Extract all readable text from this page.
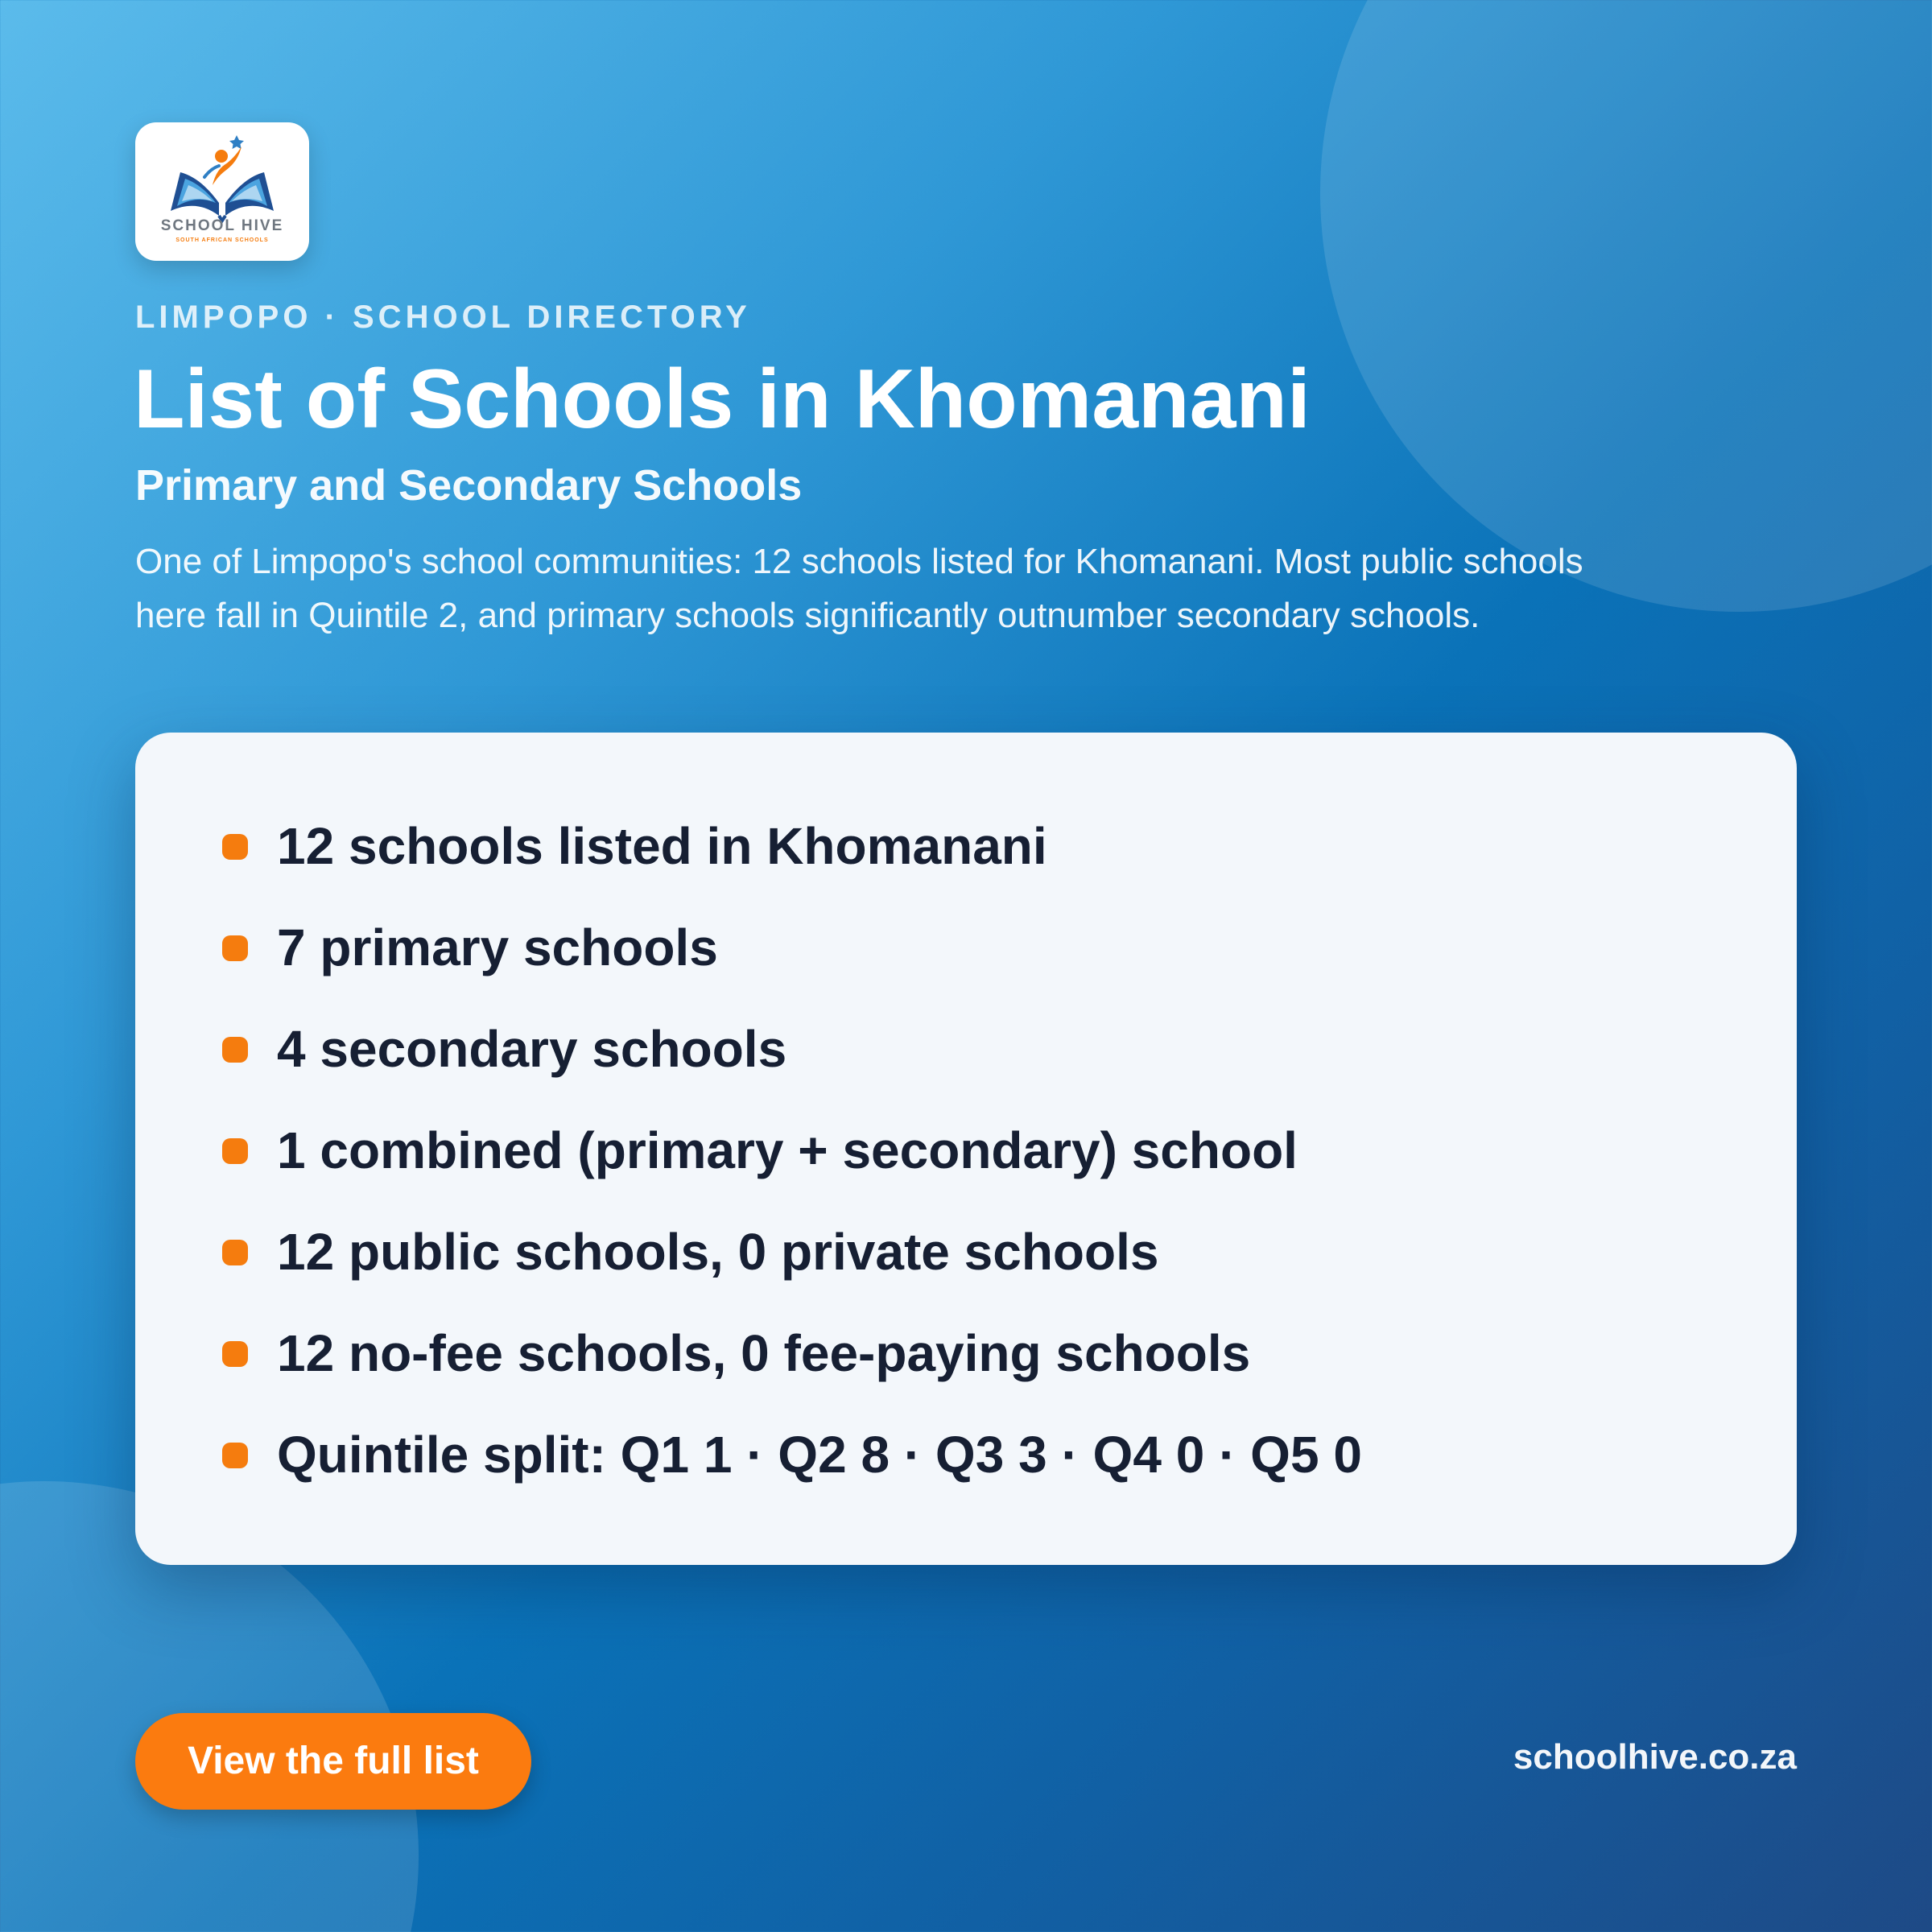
SCHOOL HIVE
SOUTH AFRICAN SCHOOLS
LIMPOPO · SCHOOL DIRECTORY
List of Schools in Khomanani
Primary and Secondary Schools
One of Limpopo's school communities: 12 schools listed for Khomanani. Most public schools here fall in Quintile 2, and primary schools significantly outnumber secondary schools.
12 schools listed in Khomanani
7 primary schools
4 secondary schools
1 combined (primary + secondary) school
12 public schools, 0 private schools
12 no-fee schools, 0 fee-paying schools
Quintile split: Q1 1 · Q2 8 · Q3 3 · Q4 0 · Q5 0
View the full list	schoolhive.co.za
